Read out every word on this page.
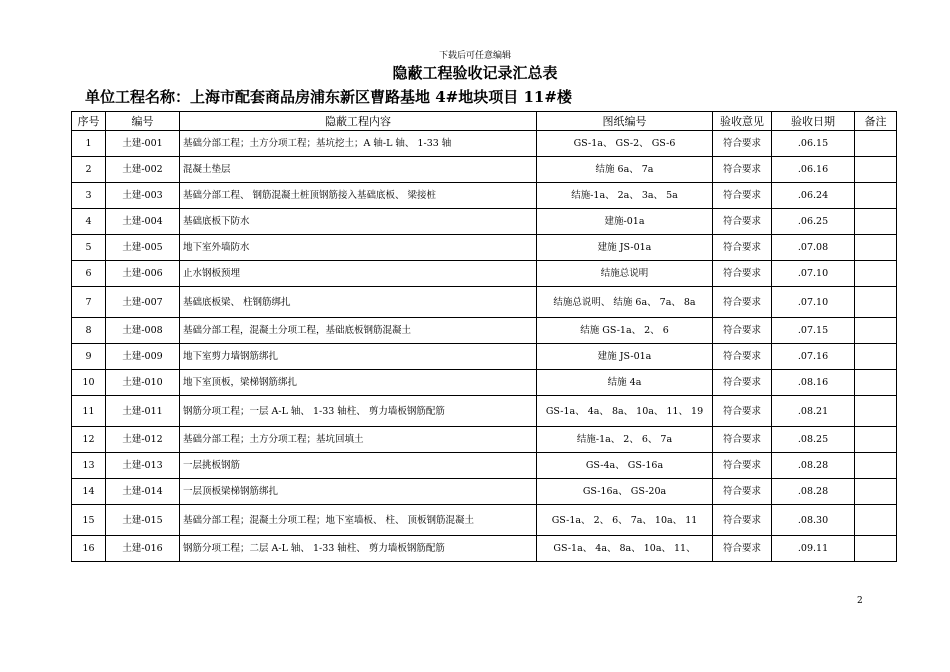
下载后可任意编辑
隐蔽工程验收记录汇总表
单位工程名称：上海市配套商品房浦东新区曹路基地 4#地块项目 11#楼
序号	编号	隐蔽工程内容	图纸编号	验收意见	验收日期	备注
1	土建-001	基础分部工程；土方分项工程；基坑挖土；A 轴-L 轴、 1-33 轴	GS-1a、 GS-2、 GS-6	符合要求	.06.15	
2	土建-002	混凝土垫层	结施 6a、 7a	符合要求	.06.16	
3	土建-003	基础分部工程、 钢筋混凝土桩顶钢筋接入基础底板、 梁接桩	结施-1a、 2a、 3a、 5a	符合要求	.06.24	
4	土建-004	基础底板下防水	建施-01a	符合要求	.06.25	
5	土建-005	地下室外墙防水	建施 JS-01a	符合要求	.07.08	
6	土建-006	止水钢板预埋	结施总说明	符合要求	.07.10	
7	土建-007	基础底板梁、 柱钢筋绑扎	结施总说明、 结施 6a、 7a、 8a	符合要求	.07.10	
8	土建-008	基础分部工程，混凝土分项工程，基础底板钢筋混凝土	结施 GS-1a、 2、 6	符合要求	.07.15	
9	土建-009	地下室剪力墙钢筋绑扎	建施 JS-01a	符合要求	.07.16	
10	土建-010	地下室顶板，梁梯钢筋绑扎	结施 4a	符合要求	.08.16	
11	土建-011	钢筋分项工程；一层 A-L 轴、 1-33 轴柱、 剪力墙板钢筋配筋	GS-1a、 4a、 8a、 10a、 11、 19	符合要求	.08.21	
12	土建-012	基础分部工程；土方分项工程；基坑回填土	结施-1a、 2、 6、 7a	符合要求	.08.25	
13	土建-013	一层挑板钢筋	GS-4a、 GS-16a	符合要求	.08.28	
14	土建-014	一层顶板梁梯钢筋绑扎	GS-16a、 GS-20a	符合要求	.08.28	
15	土建-015	基础分部工程；混凝土分项工程；地下室墙板、 柱、 顶板钢筋混凝土	GS-1a、 2、 6、 7a、 10a、 11	符合要求	.08.30	
16	土建-016	钢筋分项工程；二层 A-L 轴、 1-33 轴柱、 剪力墙板钢筋配筋	GS-1a、 4a、 8a、 10a、 11、	符合要求	.09.11	
2
